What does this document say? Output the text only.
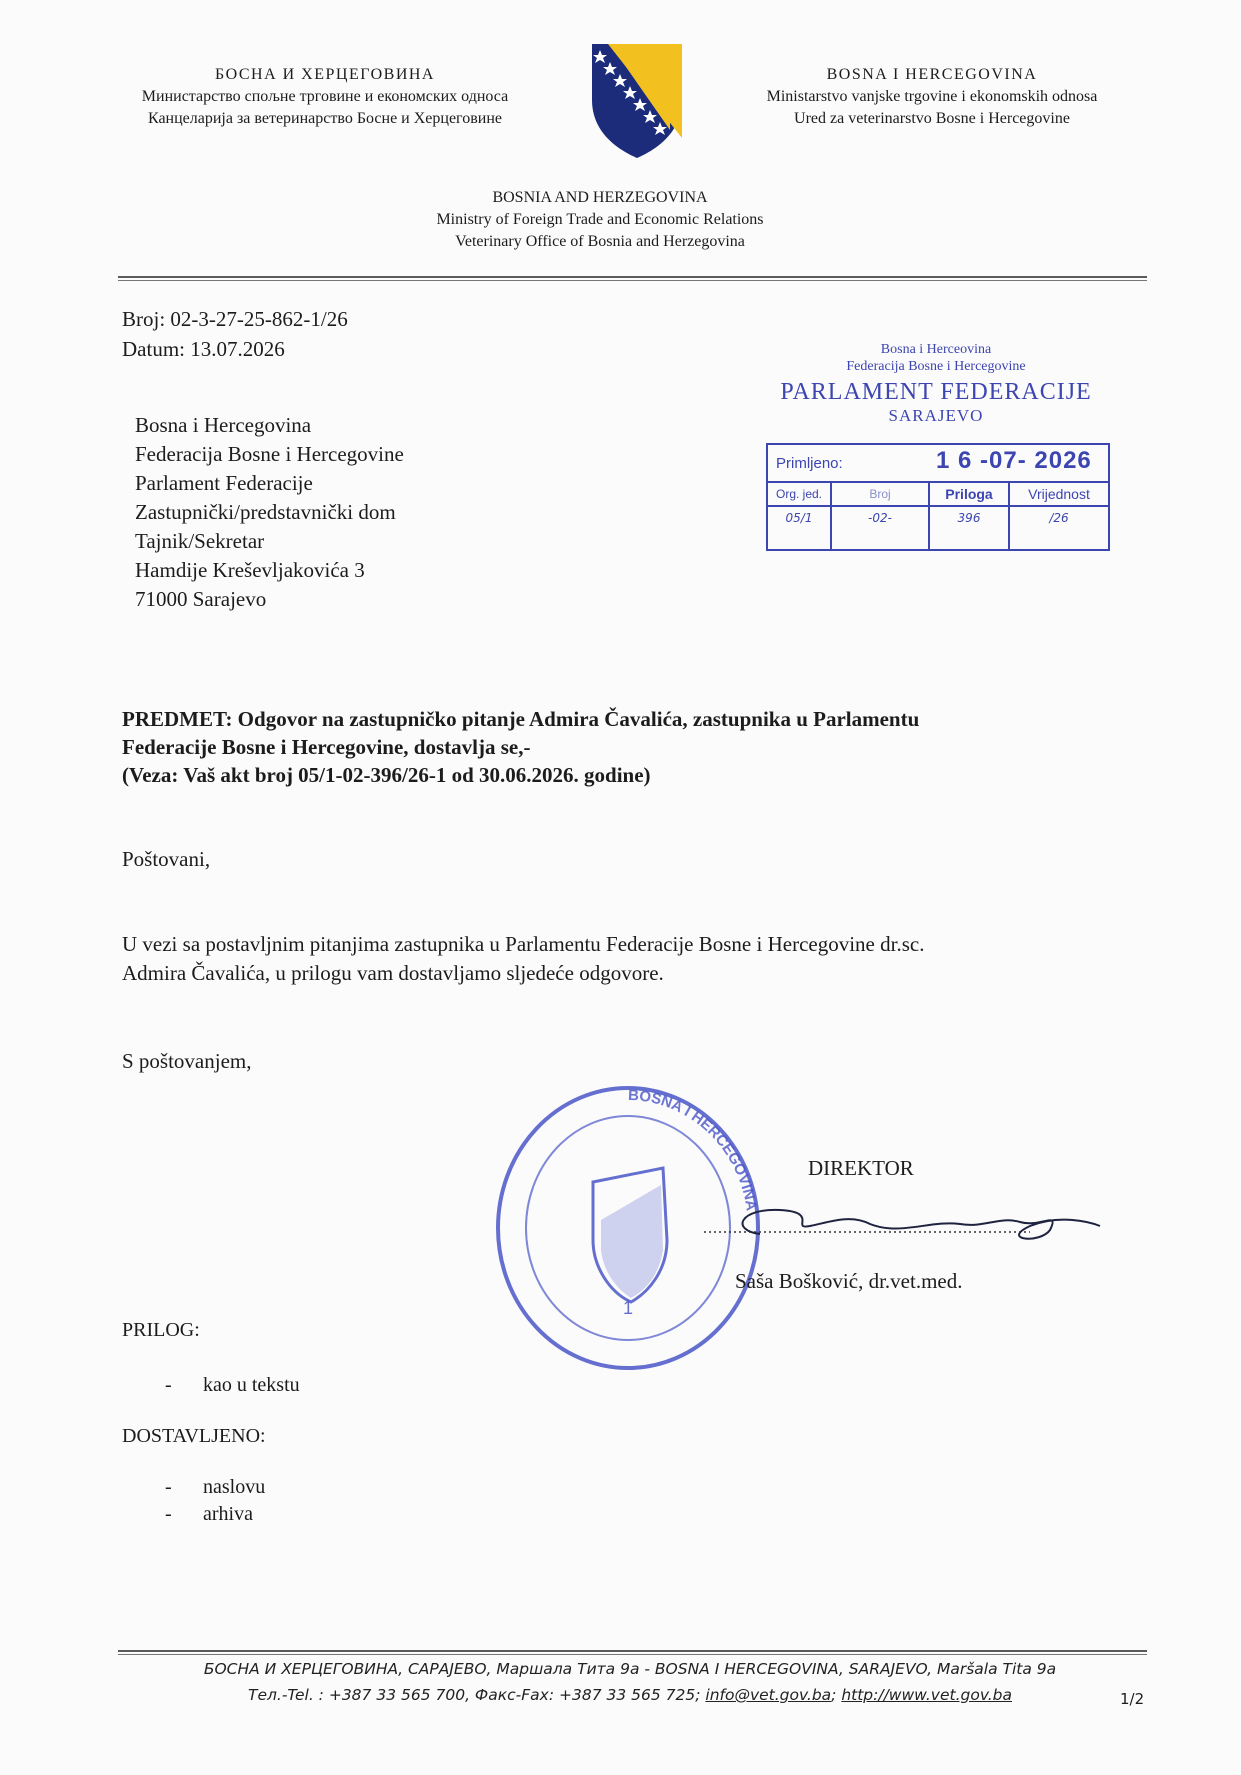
БОСНА И ХЕРЦЕГОВИНА
Министарство спољне трговине и економских односа
Канцеларија за ветеринарство Босне и Херцеговине
BOSNA I HERCEGOVINA
Ministarstvo vanjske trgovine i ekonomskih odnosa
Ured za veterinarstvo Bosne i Hercegovine
BOSNIA AND HERZEGOVINA
Ministry of Foreign Trade and Economic Relations
Veterinary Office of Bosnia and Herzegovina
Broj: 02-3-27-25-862-1/26
Datum: 13.07.2026	Bosna i Herceovina
Federacija Bosne i Hercegovine
PARLAMENT FEDERACIJE
SARAJEVO
Primljeno:	1 6 -07- 2026
Org. jed.	Broj	Priloga	Vrijednost
05/1	-02-	396	/26
Bosna i Hercegovina
Federacija Bosne i Hercegovine
Parlament Federacije
Zastupnički/predstavnički dom
Tajnik/Sekretar
Hamdije Kreševljakovića 3
71000 Sarajevo
PREDMET: Odgovor na zastupničko pitanje Admira Čavalića, zastupnika u Parlamentu
Federacije Bosne i Hercegovine, dostavlja se,-
(Veza: Vaš akt broj 05/1-02-396/26-1 od 30.06.2026. godine)
Poštovani,
U vezi sa postavljnim pitanjima zastupnika u Parlamentu Federacije Bosne i Hercegovine dr.sc.
Admira Čavalića, u prilogu vam dostavljamo sljedeće odgovore.
S poštovanjem,
BOSNA I HERCEGOVINA
1
DIREKTOR
Saša Bošković, dr.vet.med.
PRILOG:
-	kao u tekstu
DOSTAVLJENO:
-	naslovu
-	arhiva
БОСНА И ХЕРЦЕГОВИНА, САРАЈЕВО, Маршала Тита 9а - BOSNA I HERCEGOVINA, SARAJEVO, Maršala Tita 9a
Тел.-Tel. : +387 33 565 700, Факс-Fax: +387 33 565 725; info@vet.gov.ba; http://www.vet.gov.ba	1/2
